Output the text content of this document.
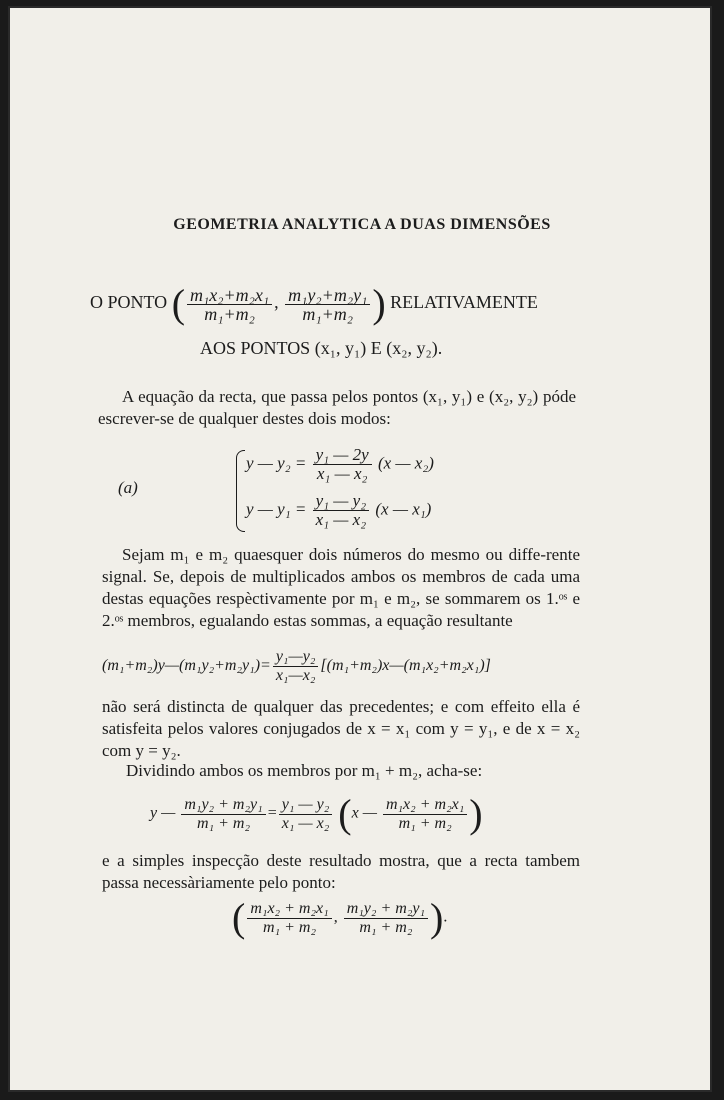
GEOMETRIA ANALYTICA A DUAS DIMENSÕES
O PONTO ( $\frac{\text{m₁x₂+m₂x₁}}{\text{m₁+m₂}}$ , $\frac{\text{m₁y₂+m₂y₁}}{\text{m₁+m₂}}$ ) RELATIVAMENTE
AOS PONTOS (x₁, y₁) E (x₂, y₂).
A equação da recta, que passa pelos pontos (x₁, y₁) e (x₂, y₂) póde escrever-se de qualquer destes dois modos:
(a)
y — $y_2 = \frac{\text{y₁ — 2y}}{\text{x₁ — x₂}} (x$ — x₂)
y — $y_1 = \frac{\text{y₁ — y₂}}{\text{x₁ — x₂}} (x$ — x₁)
Sejam m₁ e m₂ quaesquer dois números do mesmo ou diffe-rente signal. Se, depois de multiplicados ambos os membros de cada uma destas equações respèctivamente por m₁ e m₂, se sommarem os 1.ᵒˢ e 2.ᵒˢ membros, egualando estas sommas, a equação resultante
(m₁+m₂)y—(m₁y₂+m₂y₁)= $\frac{\text{y₁—y₂}}{\text{x₁—x₂}}$ [(m₁+m₂)x—(m₁x₂+m₂x₁)]
não será distincta de qualquer das precedentes; e com effeito ella é satisfeita pelos valores conjugados de x = x₁ com y = y₁, e de x = x₂ com y = y₂.
Dividindo ambos os membros por m₁ + m₂, acha-se:
y — $\frac{\text{m₁y₂ + m₂y₁}}{\text{m₁ + m₂}} = \frac{\text{y₁ — y₂}}{\text{x₁ — x₂}} (x$ — $\frac{\text{m₁x₂ + m₂x₁}}{\text{m₁ + m₂}}$ )
e a simples inspecção deste resultado mostra, que a recta tambem passa necessàriamente pelo ponto:
( $\frac{\text{m₁x₂ + m₂x₁}}{\text{m₁ + m₂}}$ , $\frac{\text{m₁y₂ + m₂y₁}}{\text{m₁ + m₂}}$ ).
